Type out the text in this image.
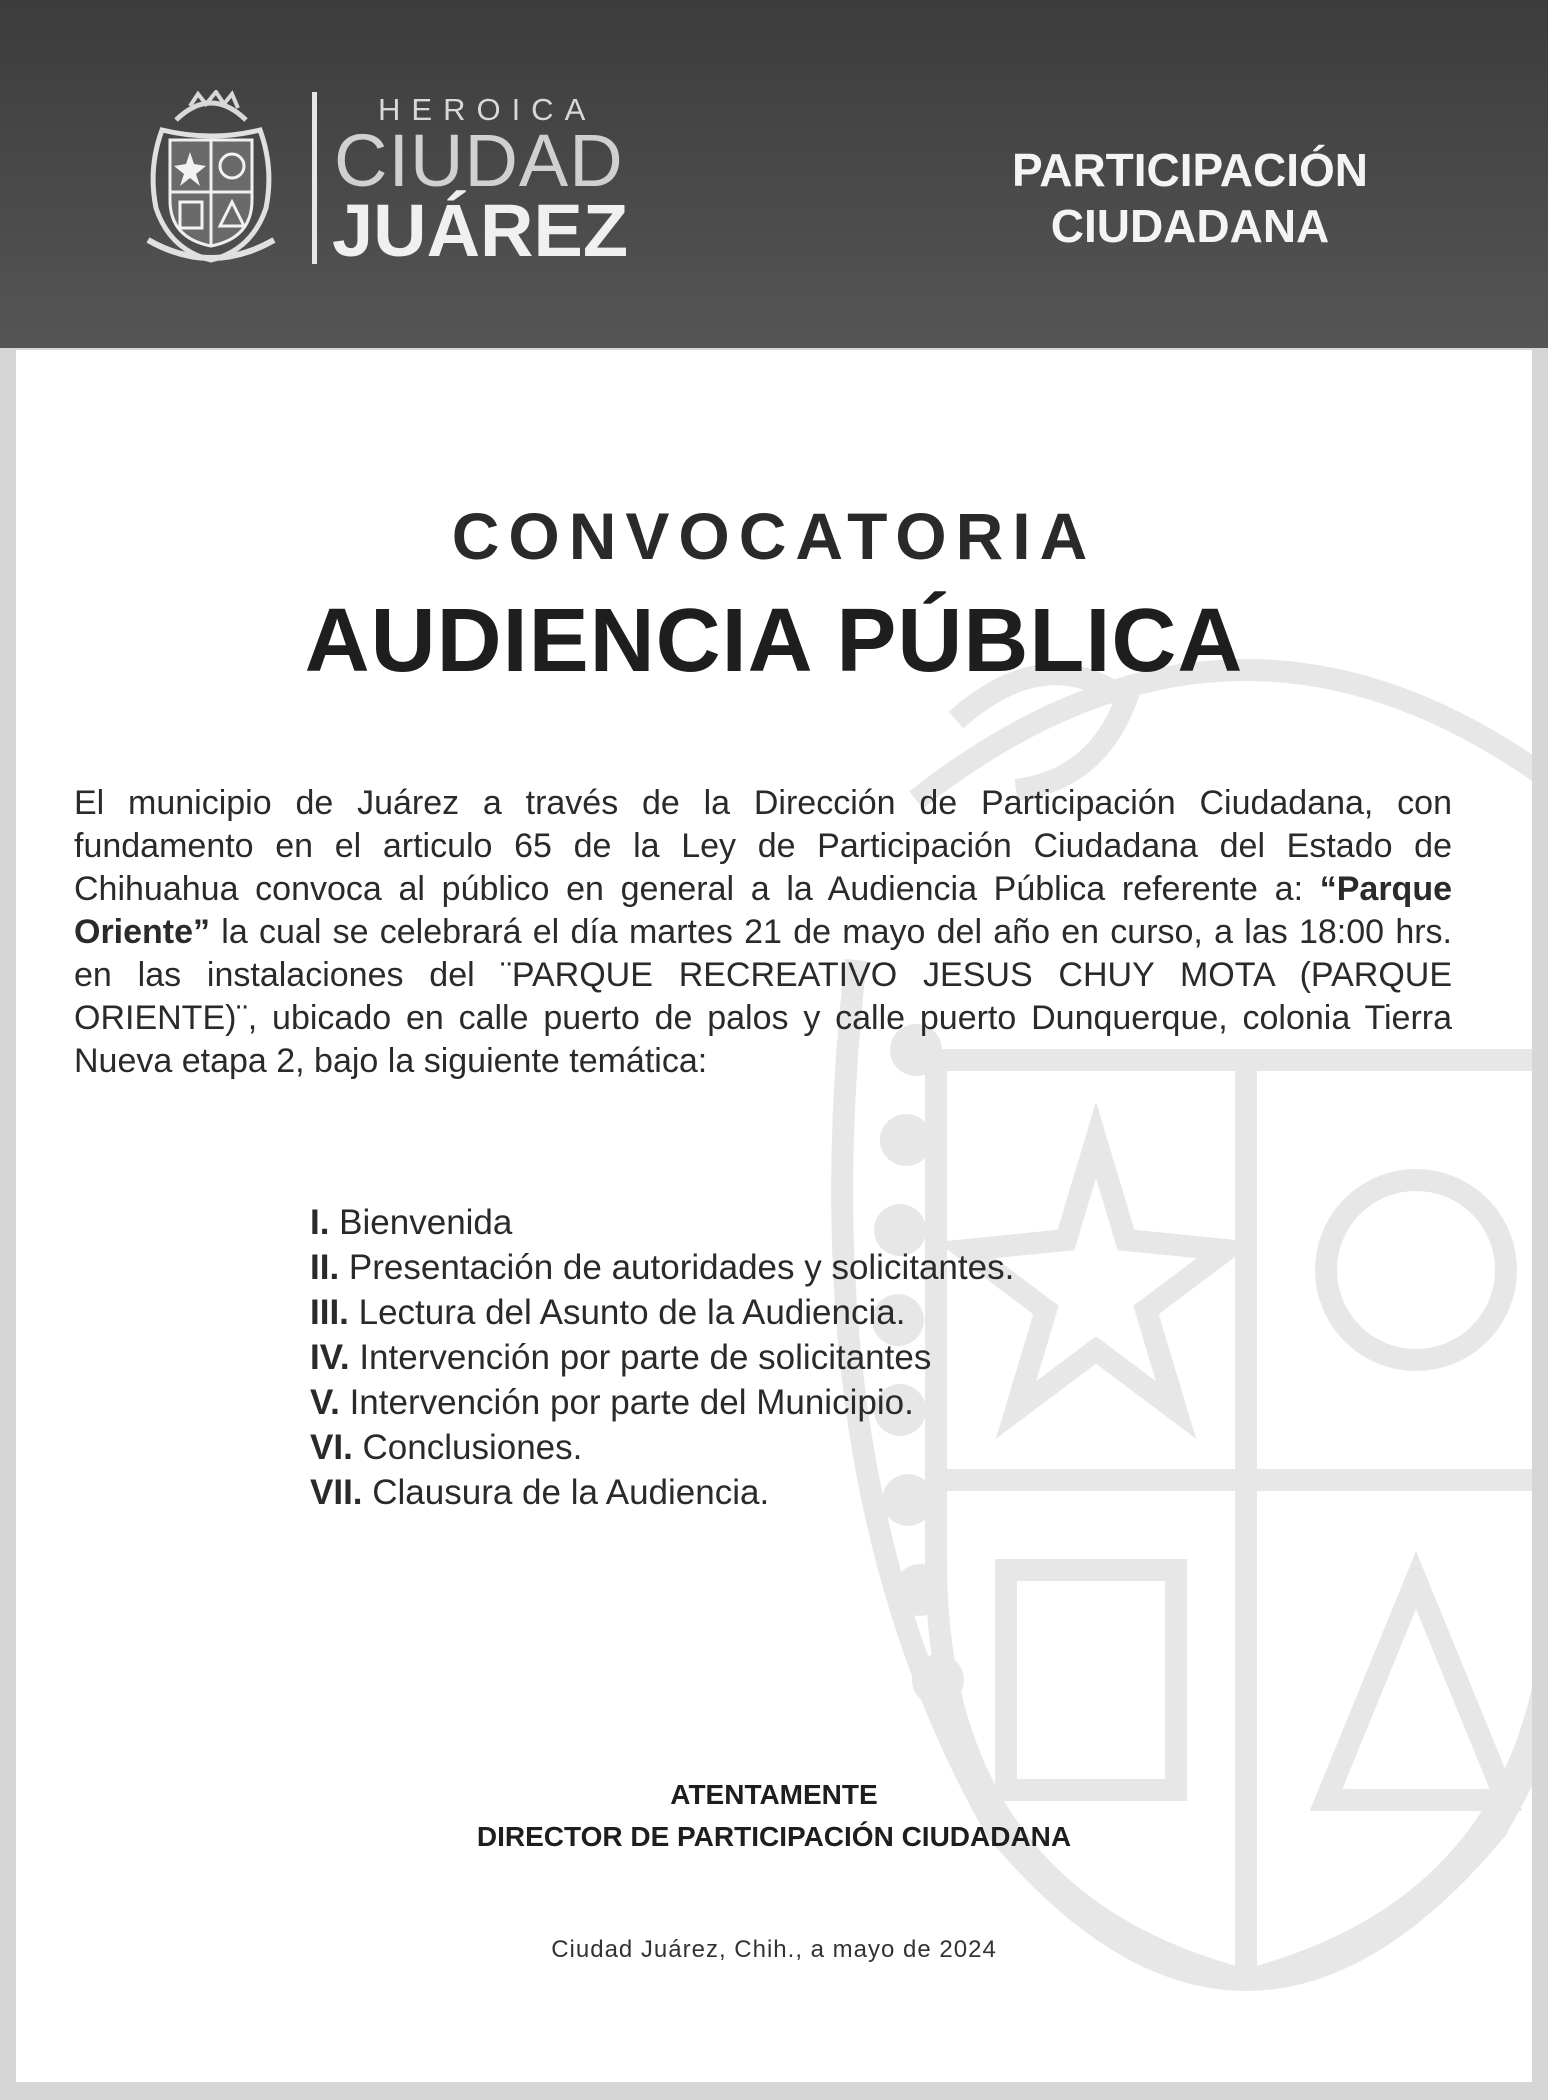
HEROICA
CIUDAD
JUÁREZ
PARTICIPACIÓN
CIUDADANA
CONVOCATORIA
AUDIENCIA PÚBLICA
El municipio de Juárez a través de la Dirección de Participación Ciudadana, con fundamento en el articulo 65 de la Ley de Participación Ciudadana del Estado de Chihuahua convoca al público en general a la Audiencia Pública referente a: “Parque Oriente” la cual se celebrará el día martes 21 de mayo del año en curso, a las 18:00 hrs. en las instalaciones del ¨PARQUE RECREATIVO JESUS CHUY MOTA (PARQUE ORIENTE)¨, ubicado en calle puerto de palos y calle puerto Dunquerque, colonia Tierra Nueva etapa 2, bajo la siguiente temática:
I. Bienvenida
II. Presentación de autoridades y solicitantes.
III. Lectura del Asunto de la Audiencia.
IV. Intervención por parte de solicitantes
V. Intervención por parte del Municipio.
VI. Conclusiones.
VII. Clausura de la Audiencia.
ATENTAMENTE
DIRECTOR DE PARTICIPACIÓN CIUDADANA
Ciudad Juárez, Chih., a mayo de 2024
